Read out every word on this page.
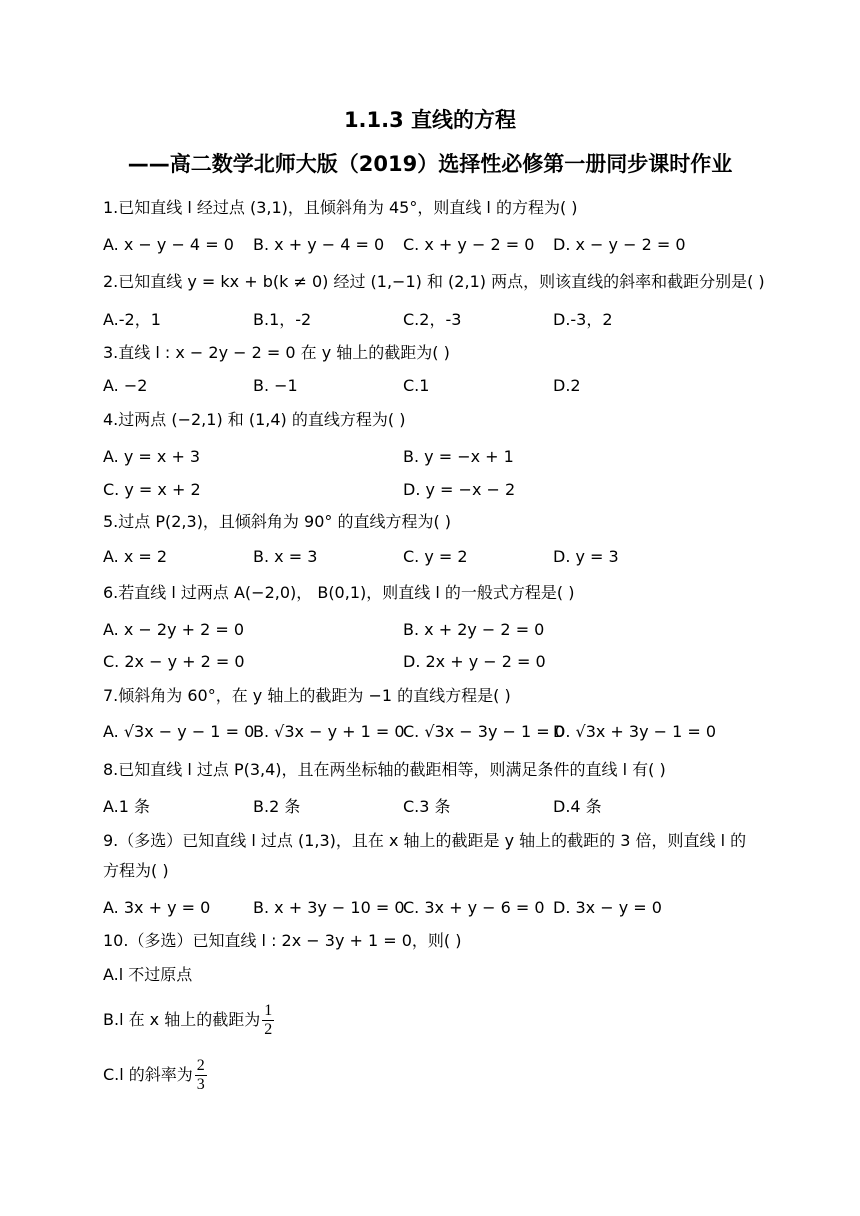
1.1.3 直线的方程
——高二数学北师大版（2019）选择性必修第一册同步课时作业
1.已知直线 l 经过点 (3,1)，且倾斜角为 45°，则直线 l 的方程为( )
A. x − y − 4 = 0 B. x + y − 4 = 0 C. x + y − 2 = 0 D. x − y − 2 = 0
2.已知直线 y = kx + b(k ≠ 0) 经过 (1,−1) 和 (2,1) 两点，则该直线的斜率和截距分别是( )
A.-2，1	B.1，-2	C.2，-3	D.-3，2
3.直线 l : x − 2y − 2 = 0 在 y 轴上的截距为( )
A. −2	B. −1	C.1	D.2
4.过两点 (−2,1) 和 (1,4) 的直线方程为( )
A. y = x + 3	B. y = −x + 1
C. y = x + 2	D. y = −x − 2
5.过点 P(2,3)，且倾斜角为 90° 的直线方程为( )
A. x = 2	B. x = 3	C. y = 2	D. y = 3
6.若直线 l 过两点 A(−2,0)， B(0,1)，则直线 l 的一般式方程是( )
A. x − 2y + 2 = 0	B. x + 2y − 2 = 0
C. 2x − y + 2 = 0	D. 2x + y − 2 = 0
7.倾斜角为 60°，在 y 轴上的截距为 −1 的直线方程是( )
A. √3x − y − 1 = 0
B. √3x − y + 1 = 0
C. √3x − 3y − 1 = 0
D. √3x + 3y − 1 = 0
8.已知直线 l 过点 P(3,4)，且在两坐标轴的截距相等，则满足条件的直线 l 有( )
A.1 条	B.2 条	C.3 条	D.4 条
9.（多选）已知直线 l 过点 (1,3)，且在 x 轴上的截距是 y 轴上的截距的 3 倍，则直线 l 的方程为( )
A. 3x + y = 0	B. x + 3y − 10 = 0
C. 3x + y − 6 = 0 D. 3x − y = 0
10.（多选）已知直线 l : 2x − 3y + 1 = 0，则( )
A.l 不过原点
B.l 在 x 轴上的截距为 $\frac{1}{2}$
C.l 的斜率为 $\frac{2}{3}$
